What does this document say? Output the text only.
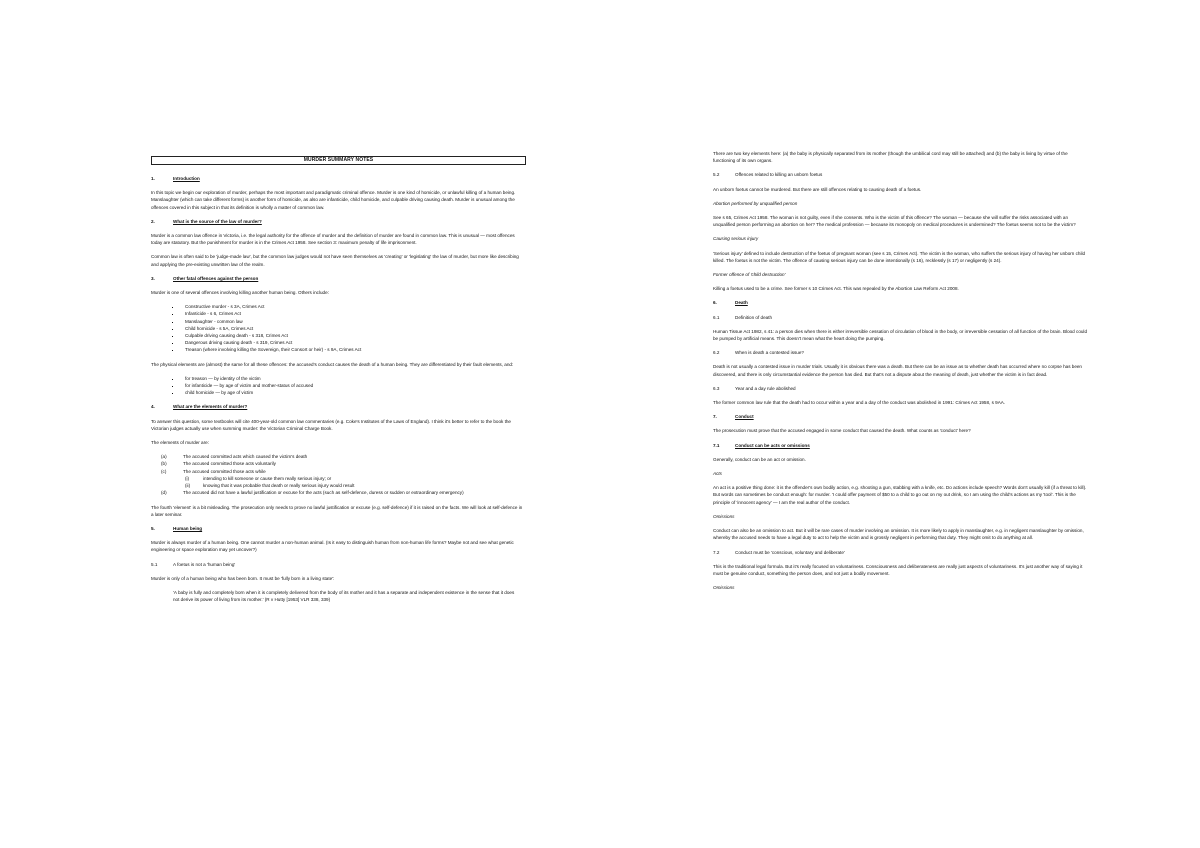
MURDER SUMMARY NOTES
1.	Introduction
In this topic we begin our exploration of murder, perhaps the most important and paradigmatic criminal offence. Murder is one kind of homicide, or unlawful killing of a human being. Manslaughter (which can take different forms) is another form of homicide, as also are infanticide, child homicide, and culpable driving causing death. Murder is unusual among the offences covered in this subject in that its definition is wholly a matter of common law.
2.	What is the source of the law of murder?
Murder is a common law offence in Victoria, i.e. the legal authority for the offence of murder and the definition of murder are found in common law. This is unusual — most offences today are statutory. But the punishment for murder is in the Crimes Act 1958. See section 3: maximum penalty of life imprisonment.
Common law is often said to be 'judge-made law', but the common law judges would not have seen themselves as 'creating' or 'legislating' the law of murder, but more like describing and applying the pre-existing unwritten law of the realm.
3.	Other fatal offences against the person
Murder is one of several offences involving killing another human being. Others include:
▪ Constructive murder - s 3A, Crimes Act
▪ Infanticide - s 6, Crimes Act
▪ Manslaughter - common law
▪ Child homicide - s 5A, Crimes Act
▪ Culpable driving causing death - s 318, Crimes Act
▪ Dangerous driving causing death - s 319, Crimes Act
▪ Treason (where involving killing the Sovereign, their Consort or heir) - s 9A, Crimes Act
The physical elements are (almost) the same for all these offences: the accused's conduct causes the death of a human being. They are differentiated by their fault elements, and:
▪ for treason — by identity of the victim
▪ for infanticide — by age of victim and mother-status of accused
▪ child homicide — by age of victim
4.	What are the elements of murder?
To answer this question, some textbooks will cite 400-year-old common law commentaries (e.g. Coke's Institutes of the Laws of England). I think it's better to refer to the book the Victorian judges actually use when summing murder: the Victorian Criminal Charge Book.
The elements of murder are:
(a)	The accused committed acts which caused the victim's death
(b)	The accused committed those acts voluntarily
(c)	The accused committed those acts while
(i)	intending to kill someone or cause them really serious injury; or
(ii)	knowing that it was probable that death or really serious injury would result
(d)	The accused did not have a lawful justification or excuse for the acts (such as self-defence, duress or sudden or extraordinary emergency)
The fourth 'element' is a bit misleading. The prosecution only needs to prove no lawful justification or excuse (e.g. self-defence) if it is raised on the facts. We will look at self-defence in a later seminar.
5.	Human being
Murder is always murder of a human being. One cannot murder a non-human animal. (Is it easy to distinguish human from non-human life forms? Maybe not and see what genetic engineering or space exploration may yet uncover?)
5.1	A foetus is not a 'human being'
Murder is only of a human being who has been born. It must be 'fully born in a living state':
'A baby is fully and completely born when it is completely delivered from the body of its mother and it has a separate and independent existence in the sense that it does not derive its power of living from its mother.' (R v Hutty [1953] VLR 338, 339)
There are two key elements here: (a) the baby is physically separated from its mother (though the umbilical cord may still be attached) and (b) the baby is living by virtue of the functioning of its own organs.
5.2	Offences related to killing an unborn foetus
An unborn foetus cannot be murdered. But there are still offences relating to causing death of a foetus.
Abortion performed by unqualified person
See s 65, Crimes Act 1958. The woman is not guilty, even if she consents. Who is the victim of this offence? The woman — because she will suffer the risks associated with an unqualified person performing an abortion on her? The medical profession — because its monopoly on medical procedures is undermined? The foetus seems not to be the victim?
Causing serious injury
'Serious injury' defined to include destruction of the foetus of pregnant woman (see s 15, Crimes Act). The victim is the woman, who suffers the serious injury of having her unborn child killed. The foetus is not the victim. The offence of causing serious injury can be done intentionally (s 16), recklessly (s 17) or negligently (s 24).
Former offence of 'child destruction'
Killing a foetus used to be a crime. See former s 10 Crimes Act. This was repealed by the Abortion Law Reform Act 2008.
6.	Death
6.1	Definition of death
Human Tissue Act 1982, s 41: a person dies when there is either irreversible cessation of circulation of blood in the body, or irreversible cessation of all function of the brain. Blood could be pumped by artificial means. This doesn't mean what the heart doing the pumping.
6.2	When is death a contested issue?
Death is not usually a contested issue in murder trials. Usually it is obvious there was a death. But there can be an issue as to whether death has occurred where no corpse has been discovered, and there is only circumstantial evidence the person has died. But that's not a dispute about the meaning of death, just whether the victim is in fact dead.
6.3	Year and a day rule abolished
The former common law rule that the death had to occur within a year and a day of the conduct was abolished in 1991: Crimes Act 1958, s 9AA.
7.	Conduct
The prosecution must prove that the accused engaged in some conduct that caused the death. What counts as 'conduct' here?
7.1	Conduct can be acts or omissions
Generally, conduct can be an act or omission.
Acts
An act is a positive thing done: it is the offender's own bodily action, e.g. shooting a gun, stabbing with a knife, etc. Do actions include speech? Words don't usually kill (if a threat to kill). But words can sometimes be conduct enough: for murder. 'I could offer payment of $50 to a child to go out on my out drink, so I am using the child's actions as my 'tool'. This is the principle of 'innocent agency' — I am the real author of the conduct.
Omissions
Conduct can also be an omission to act. But it will be rare cases of murder involving an omission. It is more likely to apply in manslaughter, e.g. in negligent manslaughter by omission, whereby the accused needs to have a legal duty to act to help the victim and is grossly negligent in performing that duty. They might omit to do anything at all.
7.2	Conduct must be 'conscious, voluntary and deliberate'
This is the traditional legal formula. But it's really focused on voluntariness. Consciousness and deliberateness are really just aspects of voluntariness. It's just another way of saying it must be genuine conduct, something the person does, and not just a bodily movement.
Omissions
